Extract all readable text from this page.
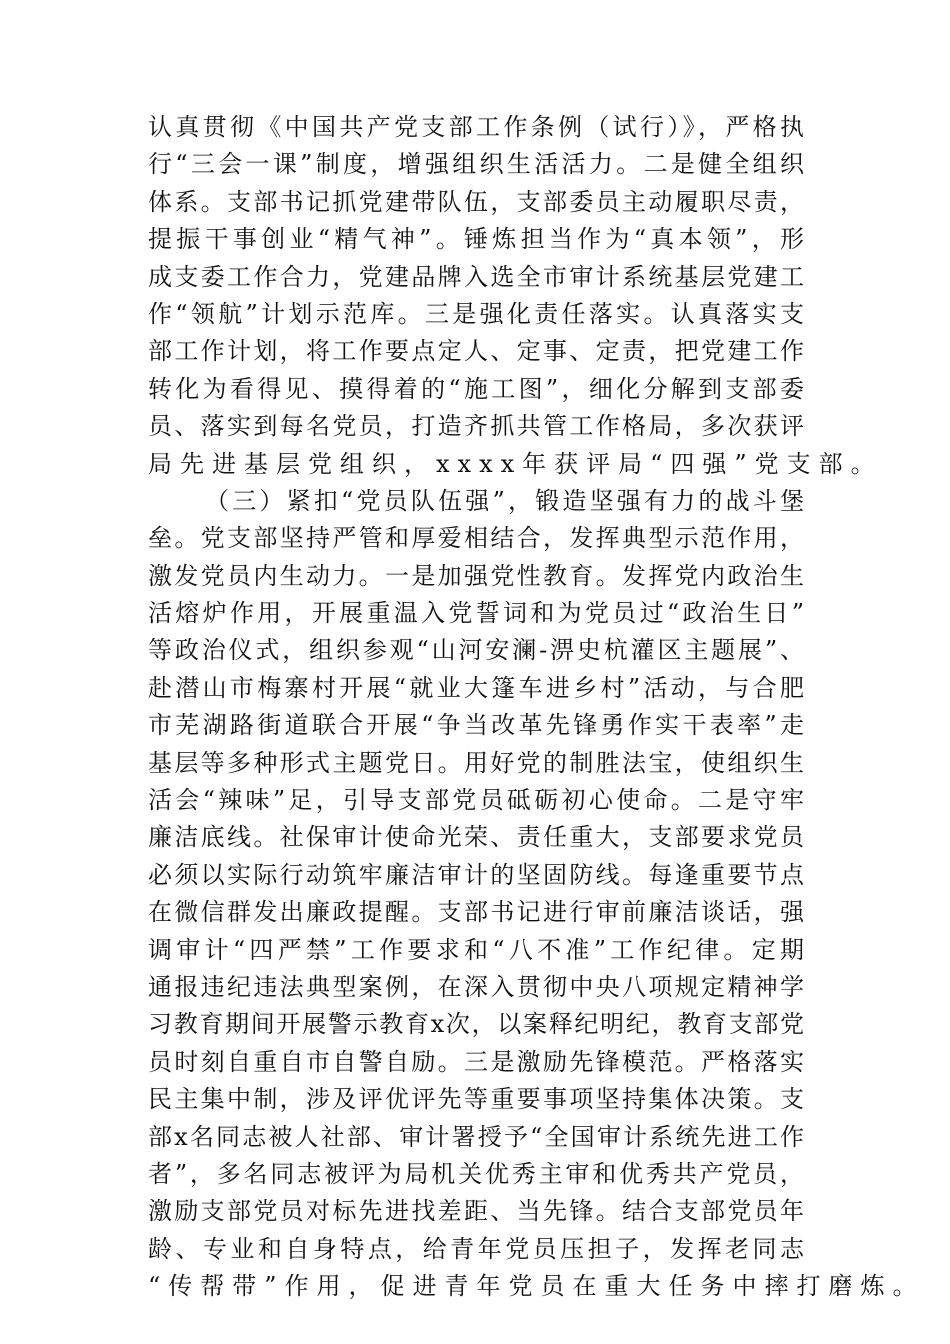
认真贯彻《中国共产党支部工作条例（试行）》，严格执
行“三会一课”制度，增强组织生活活力。二是健全组织
体系。支部书记抓党建带队伍，支部委员主动履职尽责，
提振干事创业“精气神”。锤炼担当作为“真本领”，形
成支委工作合力，党建品牌入选全市审计系统基层党建工
作“领航”计划示范库。三是强化责任落实。认真落实支
部工作计划，将工作要点定人、定事、定责，把党建工作
转化为看得见、摸得着的“施工图”，细化分解到支部委
员、落实到每名党员，打造齐抓共管工作格局，多次获评
局先进基层党组织，xxxx年获评局“四强”党支部。
（三）紧扣“党员队伍强”，锻造坚强有力的战斗堡
垒。党支部坚持严管和厚爱相结合，发挥典型示范作用，
激发党员内生动力。一是加强党性教育。发挥党内政治生
活熔炉作用，开展重温入党誓词和为党员过“政治生日”
等政治仪式，组织参观“山河安澜-淠史杭灌区主题展”、
赴潜山市梅寨村开展“就业大篷车进乡村”活动，与合肥
市芜湖路街道联合开展“争当改革先锋勇作实干表率”走
基层等多种形式主题党日。用好党的制胜法宝，使组织生
活会“辣味”足，引导支部党员砥砺初心使命。二是守牢
廉洁底线。社保审计使命光荣、责任重大，支部要求党员
必须以实际行动筑牢廉洁审计的坚固防线。每逢重要节点
在微信群发出廉政提醒。支部书记进行审前廉洁谈话，强
调审计“四严禁”工作要求和“八不准”工作纪律。定期
通报违纪违法典型案例，在深入贯彻中央八项规定精神学
习教育期间开展警示教育x次，以案释纪明纪，教育支部党
员时刻自重自市自警自励。三是激励先锋模范。严格落实
民主集中制，涉及评优评先等重要事项坚持集体决策。支
部x名同志被人社部、审计署授予“全国审计系统先进工作
者”，多名同志被评为局机关优秀主审和优秀共产党员，
激励支部党员对标先进找差距、当先锋。结合支部党员年
龄、专业和自身特点，给青年党员压担子，发挥老同志
“传帮带”作用，促进青年党员在重大任务中摔打磨炼。
